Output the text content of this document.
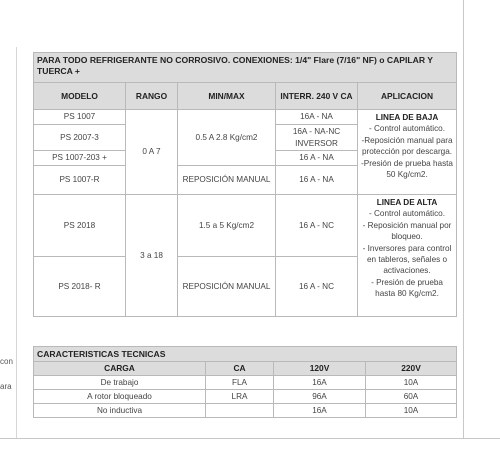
con
ara
PARA TODO REFRIGERANTE NO CORROSIVO. CONEXIONES: 1/4" Flare (7/16" NF) o CAPILAR Y TUERCA +				
MODELO	RANGO	MIN/MAX	INTERR. 240 V CA	APLICACION
PS 1007	0 A 7	0.5 A 2.8 Kg/cm2	16A - NA	LINEA DE BAJA
- Control automático.
-Reposición manual para protección por descarga.
-Presión de prueba hasta 50 Kg/cm2.

PS 2007-3			16A - NA-NC INVERSOR	
PS 1007-203 +			16 A - NA	
PS 1007-R		REPOSICIÓN MANUAL	16 A - NA	
PS 2018	3 a 18	1.5 a 5 Kg/cm2	16 A - NC	LINEA DE ALTA
- Control automático.
- Reposición manual por bloqueo.
- Inversores para control en tableros, señales o activaciones.
- Presión de prueba hasta 80 Kg/cm2.

PS 2018- R		REPOSICIÓN MANUAL	16 A - NC	
CARACTERISTICAS TECNICAS			
CARGA	CA	120V	220V
De trabajo	FLA	16A	10A
A rotor bloqueado	LRA	96A	60A
No inductiva		16A	10A
